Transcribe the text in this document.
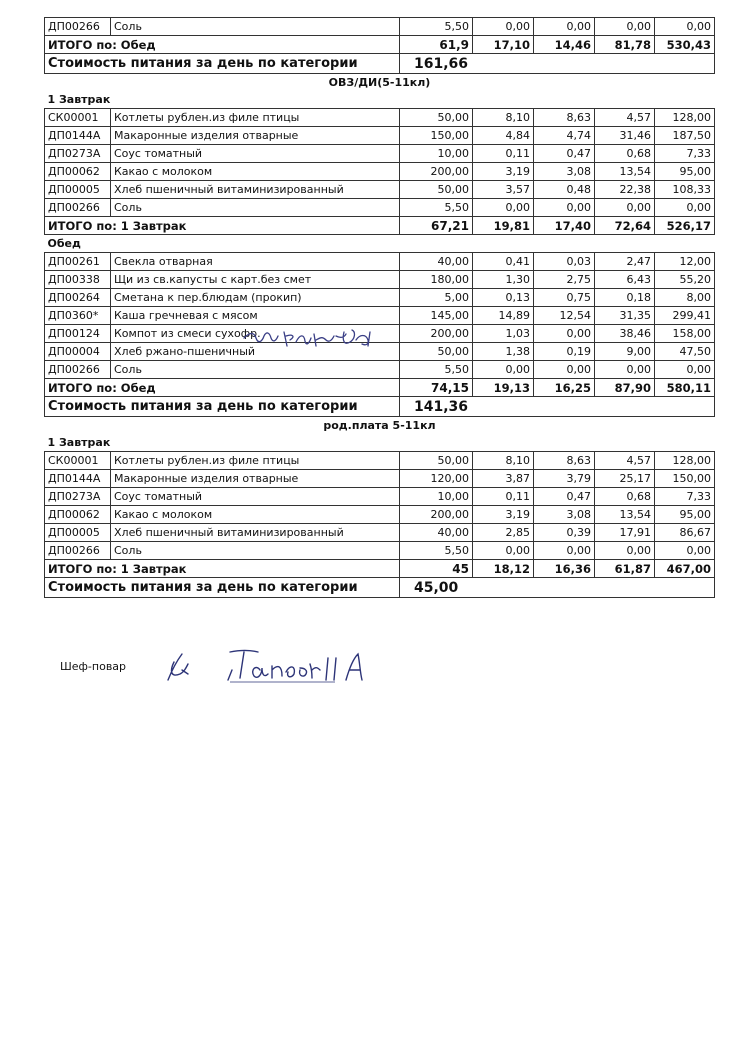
ДП00266	Соль	5,50	0,00	0,00	0,00	0,00
ИТОГО по: Обед		61,9	17,10	14,46	81,78	530,43
Стоимость питания за день по категории		161,66				
ОВЗ/ДИ(5-11кл)						
1 Завтрак						
СК00001	Котлеты рублен.из филе птицы	50,00	8,10	8,63	4,57	128,00
ДП0144А	Макаронные изделия отварные	150,00	4,84	4,74	31,46	187,50
ДП0273А	Соус томатный	10,00	0,11	0,47	0,68	7,33
ДП00062	Какао с молоком	200,00	3,19	3,08	13,54	95,00
ДП00005	Хлеб пшеничный витаминизированный	50,00	3,57	0,48	22,38	108,33
ДП00266	Соль	5,50	0,00	0,00	0,00	0,00
ИТОГО по: 1 Завтрак		67,21	19,81	17,40	72,64	526,17
Обед						
ДП00261	Свекла отварная	40,00	0,41	0,03	2,47	12,00
ДП00338	Щи из св.капусты с карт.без смет	180,00	1,30	2,75	6,43	55,20
ДП00264	Сметана к пер.блюдам (прокип)	5,00	0,13	0,75	0,18	8,00
ДП0360*	Каша гречневая с мясом	145,00	14,89	12,54	31,35	299,41
ДП00124	Компот из смеси сухофр.	200,00	1,03	0,00	38,46	158,00
ДП00004	Хлеб ржано-пшеничный	50,00	1,38	0,19	9,00	47,50
ДП00266	Соль	5,50	0,00	0,00	0,00	0,00
ИТОГО по: Обед		74,15	19,13	16,25	87,90	580,11
Стоимость питания за день по категории		141,36				
род.плата 5-11кл						
1 Завтрак						
СК00001	Котлеты рублен.из филе птицы	50,00	8,10	8,63	4,57	128,00
ДП0144А	Макаронные изделия отварные	120,00	3,87	3,79	25,17	150,00
ДП0273А	Соус томатный	10,00	0,11	0,47	0,68	7,33
ДП00062	Какао с молоком	200,00	3,19	3,08	13,54	95,00
ДП00005	Хлеб пшеничный витаминизированный	40,00	2,85	0,39	17,91	86,67
ДП00266	Соль	5,50	0,00	0,00	0,00	0,00
ИТОГО по: 1 Завтрак		45	18,12	16,36	61,87	467,00
Стоимость питания за день по категории		45,00				
Шеф-повар
